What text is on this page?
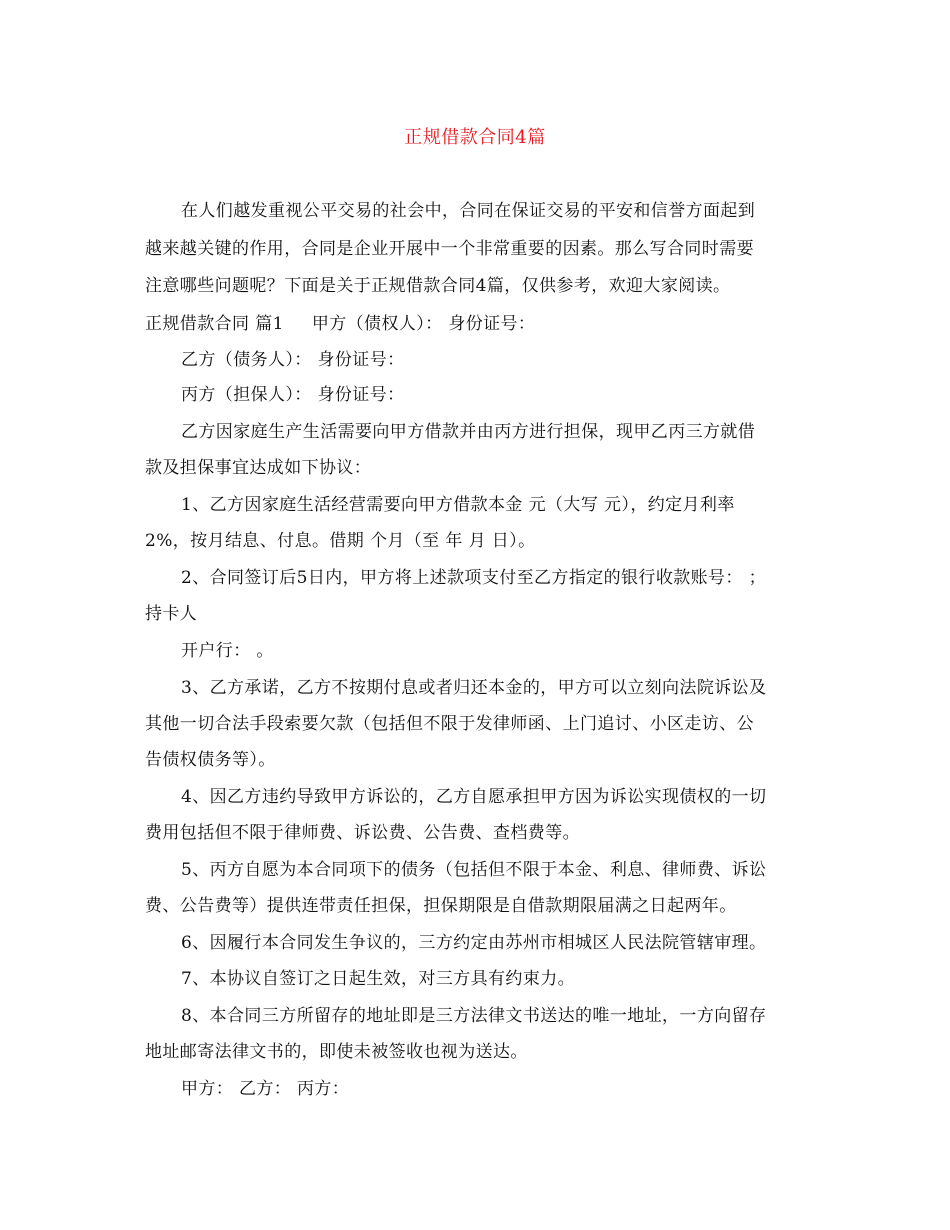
正规借款合同4篇
在人们越发重视公平交易的社会中，合同在保证交易的平安和信誉方面起到
越来越关键的作用，合同是企业开展中一个非常重要的因素。那么写合同时需要
注意哪些问题呢？下面是关于正规借款合同4篇，仅供参考，欢迎大家阅读。
正规借款合同 篇1 甲方（债权人）： 身份证号：
乙方（债务人）： 身份证号：
丙方（担保人）： 身份证号：
乙方因家庭生产生活需要向甲方借款并由丙方进行担保，现甲乙丙三方就借
款及担保事宜达成如下协议：
1、乙方因家庭生活经营需要向甲方借款本金 元（大写 元），约定月利率
2%，按月结息、付息。借期 个月（至 年 月 日）。
2、合同签订后5日内，甲方将上述款项支付至乙方指定的银行收款账号： ；
持卡人
开户行： 。
3、乙方承诺，乙方不按期付息或者归还本金的，甲方可以立刻向法院诉讼及
其他一切合法手段索要欠款（包括但不限于发律师函、上门追讨、小区走访、公
告债权债务等）。
4、因乙方违约导致甲方诉讼的，乙方自愿承担甲方因为诉讼实现债权的一切
费用包括但不限于律师费、诉讼费、公告费、查档费等。
5、丙方自愿为本合同项下的债务（包括但不限于本金、利息、律师费、诉讼
费、公告费等）提供连带责任担保，担保期限是自借款期限届满之日起两年。
6、因履行本合同发生争议的，三方约定由苏州市相城区人民法院管辖审理。
7、本协议自签订之日起生效，对三方具有约束力。
8、本合同三方所留存的地址即是三方法律文书送达的唯一地址，一方向留存
地址邮寄法律文书的，即使未被签收也视为送达。
甲方： 乙方： 丙方：
